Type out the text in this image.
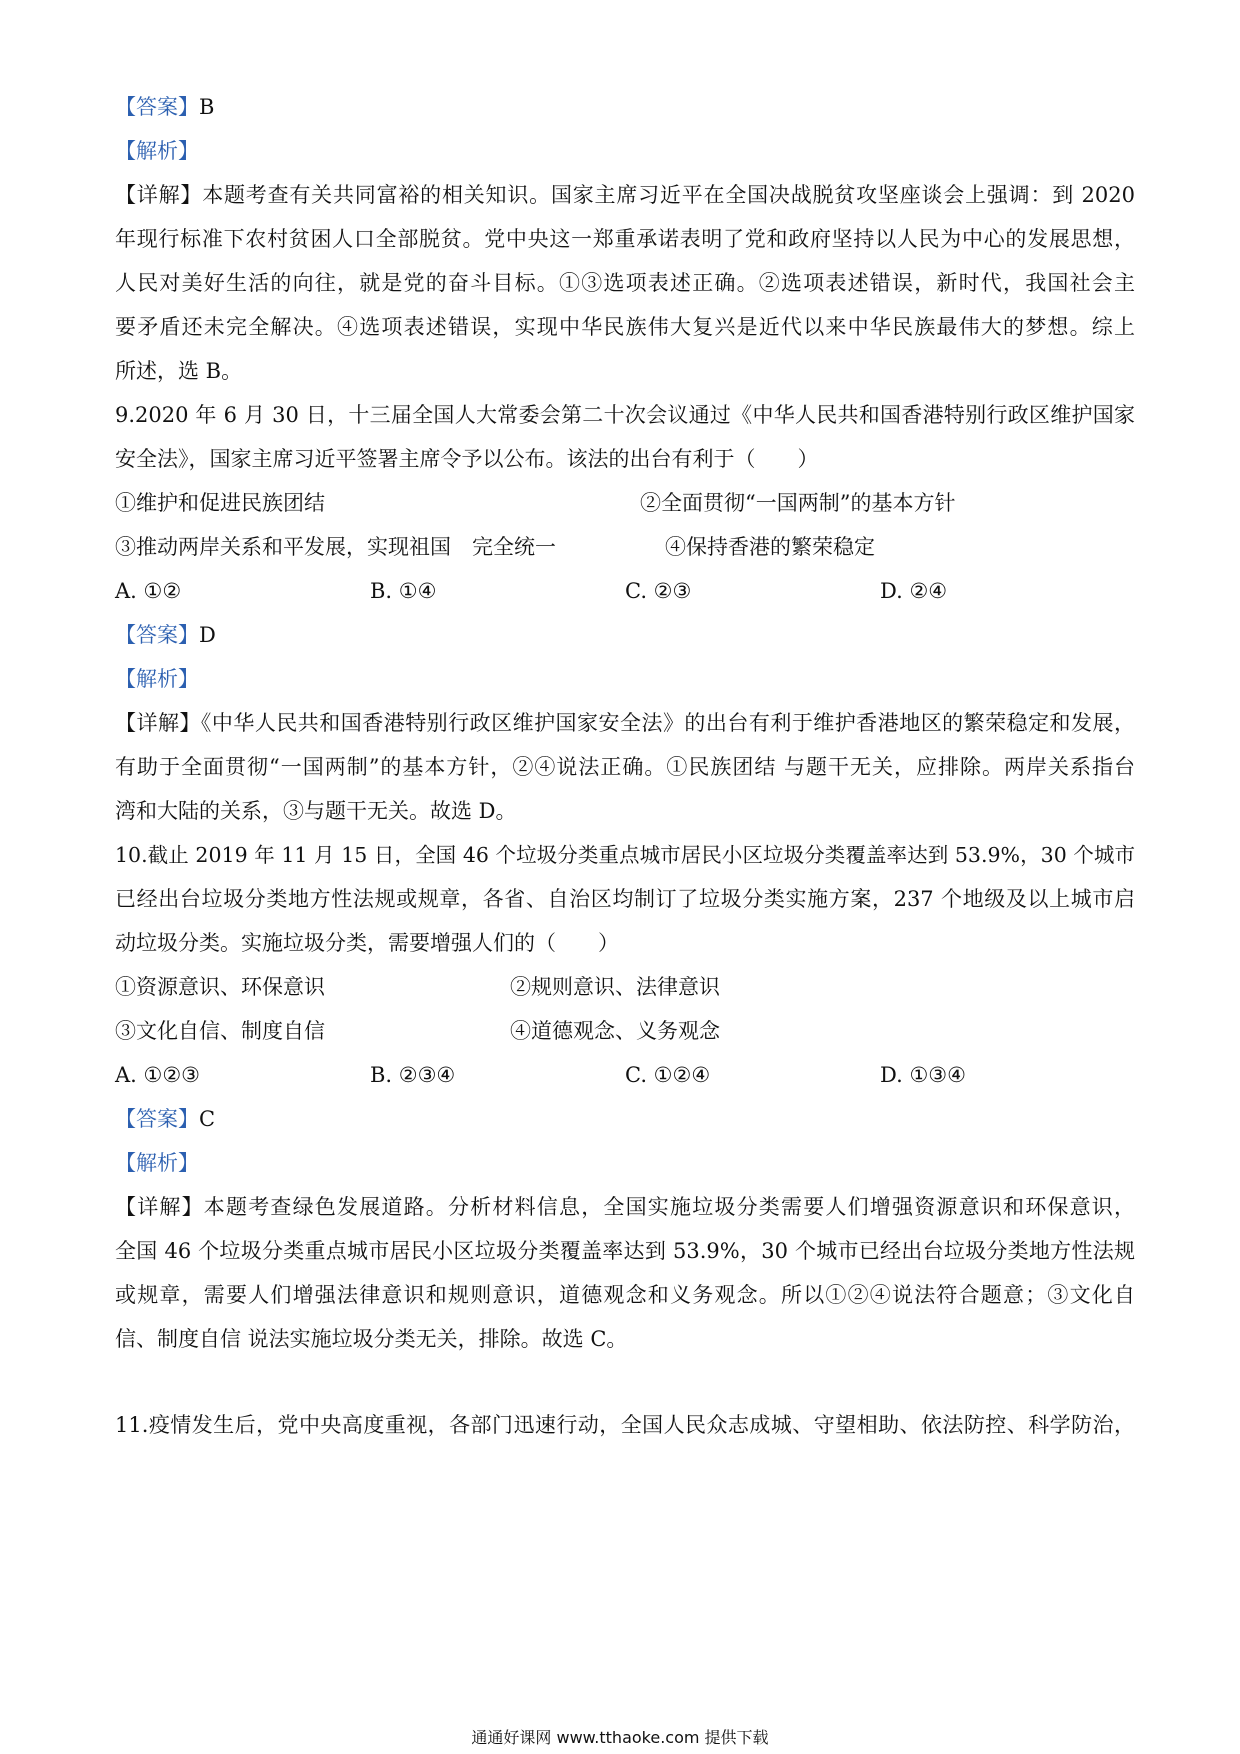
【答案】B
【解析】
【详解】本题考查有关共同富裕的相关知识。国家主席习近平在全国决战脱贫攻坚座谈会上强调：到 2020
年现行标准下农村贫困人口全部脱贫。党中央这一郑重承诺表明了党和政府坚持以人民为中心的发展思想，
人民对美好生活的向往，就是党的奋斗目标。①③选项表述正确。②选项表述错误，新时代，我国社会主
要矛盾还未完全解决。④选项表述错误，实现中华民族伟大复兴是近代以来中华民族最伟大的梦想。综上
所述，选 B。
9.2020 年 6 月 30 日，十三届全国人大常委会第二十次会议通过《中华人民共和国香港特别行政区维护国家
安全法》，国家主席习近平签署主席令予以公布。该法的出台有利于（　　）
①维护和促进民族团结	②全面贯彻“一国两制”的基本方针
③推动两岸关系和平发展，实现祖国　完全统一	④保持香港的繁荣稳定
A. ①②	B. ①④	C. ②③	D. ②④
【答案】D
【解析】
【详解】《中华人民共和国香港特别行政区维护国家安全法》的出台有利于维护香港地区的繁荣稳定和发展，
有助于全面贯彻“一国两制”的基本方针，②④说法正确。①民族团结 与题干无关，应排除。两岸关系指台
湾和大陆的关系，③与题干无关。故选 D。
10.截止 2019 年 11 月 15 日，全国 46 个垃圾分类重点城市居民小区垃圾分类覆盖率达到 53.9%，30 个城市
已经出台垃圾分类地方性法规或规章，各省、自治区均制订了垃圾分类实施方案，237 个地级及以上城市启
动垃圾分类。实施垃圾分类，需要增强人们的（　　）
①资源意识、环保意识	②规则意识、法律意识
③文化自信、制度自信	④道德观念、义务观念
A. ①②③	B. ②③④	C. ①②④	D. ①③④
【答案】C
【解析】
【详解】本题考查绿色发展道路。分析材料信息，全国实施垃圾分类需要人们增强资源意识和环保意识，
全国 46 个垃圾分类重点城市居民小区垃圾分类覆盖率达到 53.9%，30 个城市已经出台垃圾分类地方性法规
或规章，需要人们增强法律意识和规则意识，道德观念和义务观念。所以①②④说法符合题意；③文化自
信、制度自信 说法实施垃圾分类无关，排除。故选 C。
11.疫情发生后，党中央高度重视，各部门迅速行动，全国人民众志成城、守望相助、依法防控、科学防治，
通通好课网 www.tthaoke.com 提供下载
